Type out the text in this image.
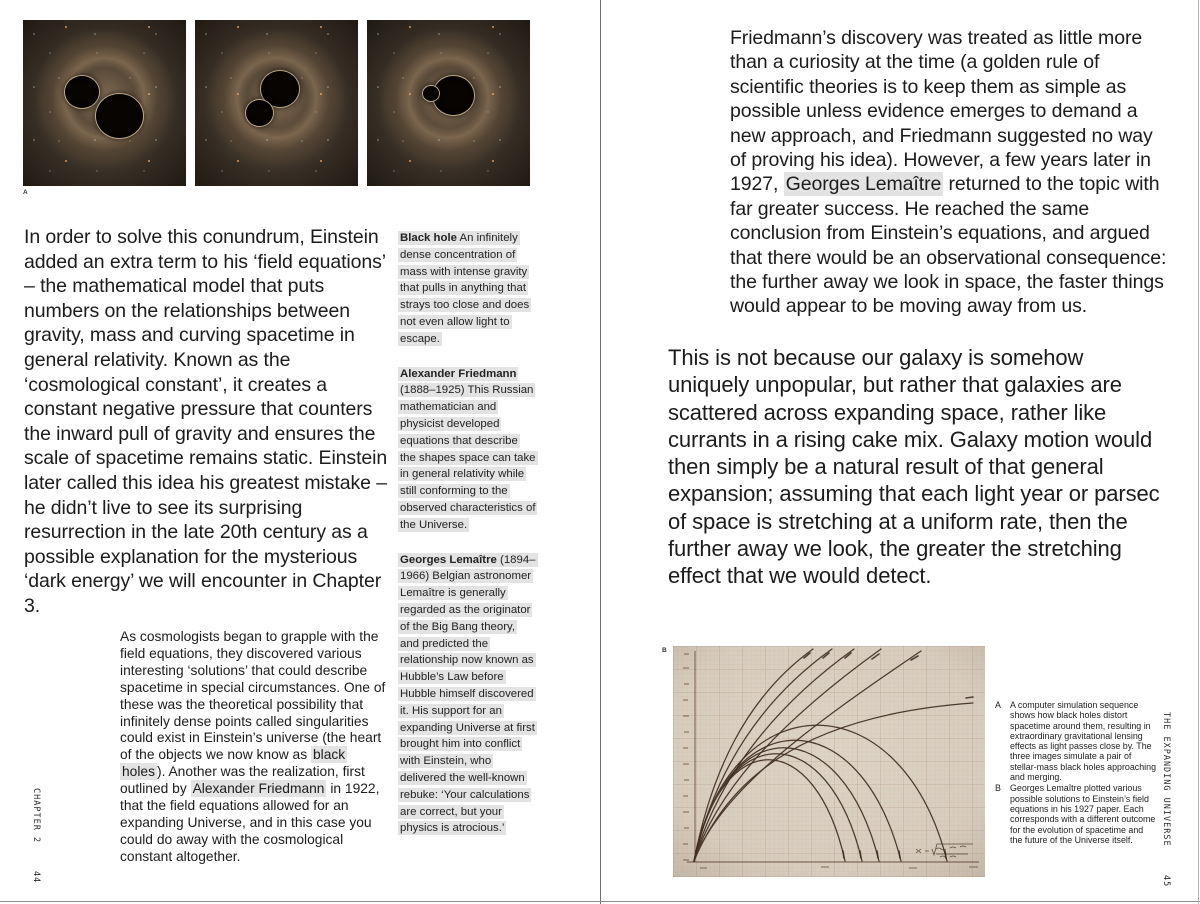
A

In order to solve this conundrum, Einstein added an extra term to his ‘field equations’ – the mathematical model that puts numbers on the relationships between gravity, mass and curving spacetime in general relativity. Known as the ‘cosmological constant’, it creates a constant negative pressure that counters the inward pull of gravity and ensures the scale of spacetime remains static. Einstein later called this idea his greatest mistake – he didn’t live to see its surprising resurrection in the late 20th century as a possible explanation for the mysterious ‘dark energy’ we will encounter in Chapter 3.

As cosmologists began to grapple with the field equations, they discovered various interesting ‘solutions’ that could describe spacetime in special circumstances. One of these was the theoretical possibility that infinitely dense points called singularities could exist in Einstein’s universe (the heart of the objects we now know as black holes ). Another was the realization, first outlined by Alexander Friedmann in 1922, that the field equations allowed for an expanding Universe, and in this case you could do away with the cosmological constant altogether.

Black hole An infinitely dense concentration of mass with intense gravity that pulls in anything that strays too close and does not even allow light to escape.

Alexander Friedmann (1888–1925) This Russian mathematician and physicist developed equations that describe the shapes space can take in general relativity while still conforming to the observed characteristics of the Universe.

Georges Lemaître (1894–1966) Belgian astronomer Lemaître is generally regarded as the originator of the Big Bang theory, and predicted the relationship now known as Hubble’s Law before Hubble himself discovered it. His support for an expanding Universe at first brought him into conflict with Einstein, who delivered the well-known rebuke: ‘Your calculations are correct, but your physics is atrocious.’

CHAPTER 2 44

Friedmann’s discovery was treated as little more than a curiosity at the time (a golden rule of scientific theories is to keep them as simple as possible unless evidence emerges to demand a new approach, and Friedmann suggested no way of proving his idea). However, a few years later in 1927, Georges Lemaître returned to the topic with far greater success. He reached the same conclusion from Einstein’s equations, and argued that there would be an observational consequence: the further away we look in space, the faster things would appear to be moving away from us.

This is not because our galaxy is somehow uniquely unpopular, but rather that galaxies are scattered across expanding space, rather like currants in a rising cake mix. Galaxy motion would then simply be a natural result of that general expansion; assuming that each light year or parsec of space is stretching at a uniform rate, then the further away we look, the greater the stretching effect that we would detect.

B
A	A computer simulation sequence shows how black holes distort spacetime around them, resulting in extraordinary gravitational lensing effects as light passes close by. The three images simulate a pair of stellar-mass black holes approaching and merging.
B	Georges Lemaître plotted various possible solutions to Einstein’s field equations in his 1927 paper. Each corresponds with a different outcome for the evolution of spacetime and the future of the Universe itself.	THE EXPANDING UNIVERSE 45
